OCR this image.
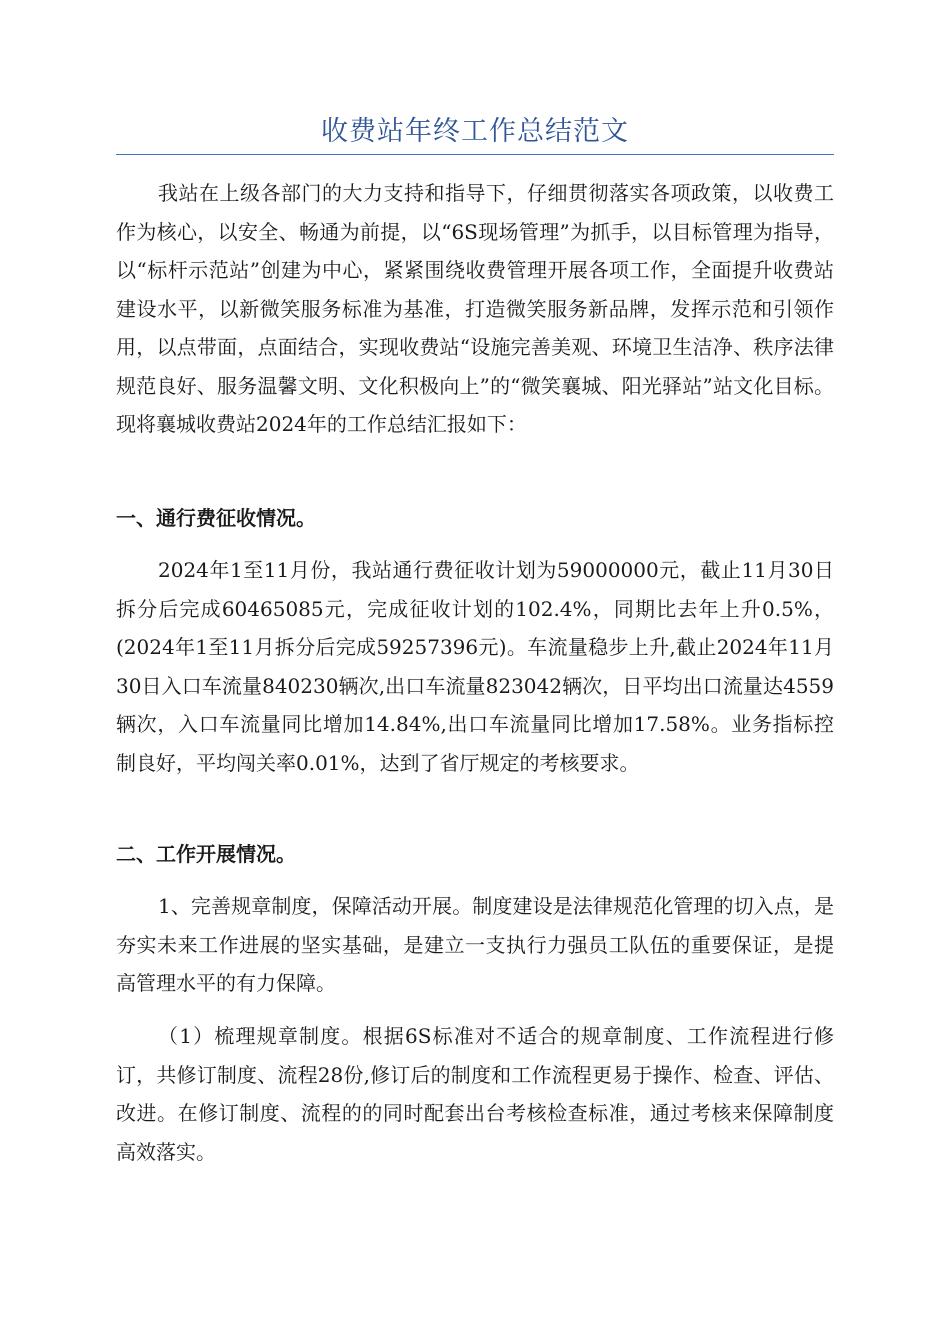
收费站年终工作总结范文

我站在上级各部门的大力支持和指导下，仔细贯彻落实各项政策，以收费工作为核心，以安全、畅通为前提，以“6S现场管理”为抓手，以目标管理为指导，以“标杆示范站”创建为中心，紧紧围绕收费管理开展各项工作，全面提升收费站建设水平，以新微笑服务标准为基准，打造微笑服务新品牌，发挥示范和引领作用，以点带面，点面结合，实现收费站“设施完善美观、环境卫生洁净、秩序法律规范良好、服务温馨文明、文化积极向上”的“微笑襄城、阳光驿站”站文化目标。现将襄城收费站2024年的工作总结汇报如下：

一、通行费征收情况。

2024年1至11月份，我站通行费征收计划为59000000元，截止11月30日拆分后完成60465085元，完成征收计划的102.4%，同期比去年上升0.5%，(2024年1至11月拆分后完成59257396元)。车流量稳步上升,截止2024年11月30日入口车流量840230辆次,出口车流量823042辆次，日平均出口流量达4559辆次，入口车流量同比增加14.84%,出口车流量同比增加17.58%。业务指标控制良好，平均闯关率0.01%，达到了省厅规定的考核要求。

二、工作开展情况。

1、完善规章制度，保障活动开展。制度建设是法律规范化管理的切入点，是夯实未来工作进展的坚实基础，是建立一支执行力强员工队伍的重要保证，是提高管理水平的有力保障。

（1）梳理规章制度。根据6S标准对不适合的规章制度、工作流程进行修订，共修订制度、流程28份,修订后的制度和工作流程更易于操作、检查、评估、改进。在修订制度、流程的的同时配套出台考核检查标准，通过考核来保障制度高效落实。
